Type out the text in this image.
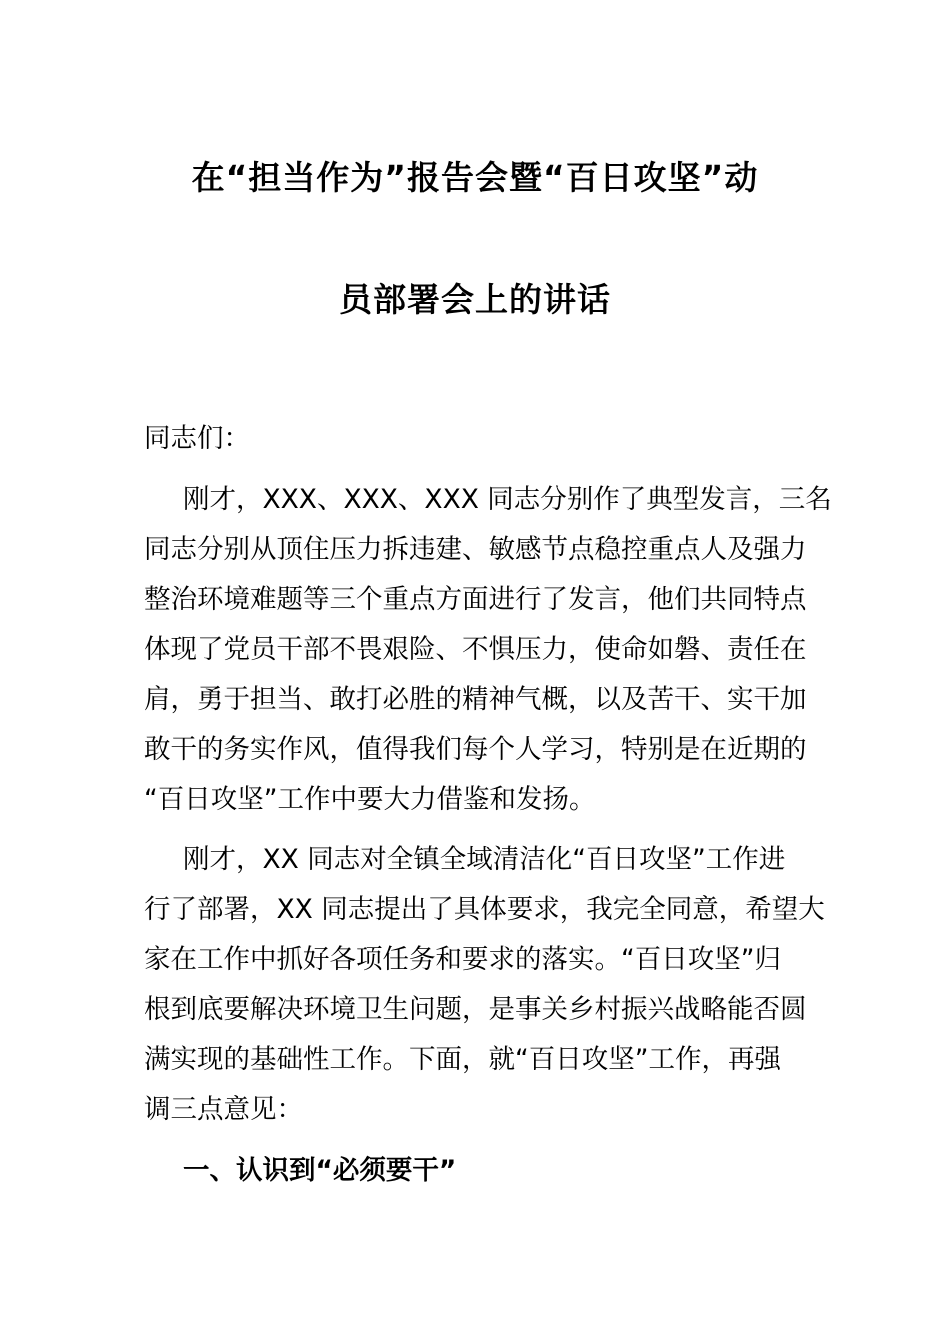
在“担当作为”报告会暨“百日攻坚”动
员部署会上的讲话
同志们：
刚才，XXX、XXX、XXX 同志分别作了典型发言，三名
同志分别从顶住压力拆违建、敏感节点稳控重点人及强力
整治环境难题等三个重点方面进行了发言，他们共同特点
体现了党员干部不畏艰险、不惧压力，使命如磐、责任在
肩，勇于担当、敢打必胜的精神气概，以及苦干、实干加
敢干的务实作风，值得我们每个人学习，特别是在近期的
“百日攻坚”工作中要大力借鉴和发扬。
刚才，XX 同志对全镇全域清洁化“百日攻坚”工作进
行了部署，XX 同志提出了具体要求，我完全同意，希望大
家在工作中抓好各项任务和要求的落实。“百日攻坚”归
根到底要解决环境卫生问题，是事关乡村振兴战略能否圆
满实现的基础性工作。下面，就“百日攻坚”工作，再强
调三点意见：
一、认识到“必须要干”
